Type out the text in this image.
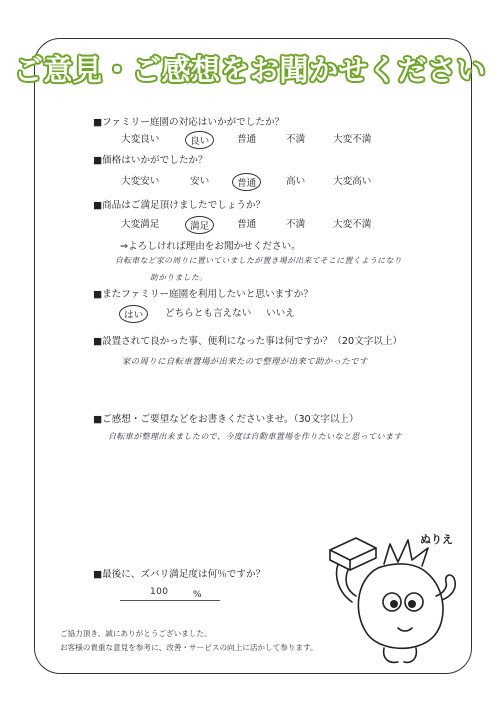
ご意見・ご感想をお聞かせください
■ファミリー庭園の対応はいかがでしたか？
大変良い	良い	普通	不満	大変不満
■価格はいかがでしたか？
大変安い	安い	普通	高い	大変高い
■商品はご満足頂けましたでしょうか？
大変満足	満足	普通	不満	大変不満
⇒よろしければ理由をお聞かせください。
自転車など家の周りに置いていましたが置き場が出来てそこに置くようになり
助かりました。
■またファミリー庭園を利用したいと思いますか？
はい	どちらとも言えない いいえ
■設置されて良かった事、便利になった事は何ですか？（20文字以上）
家の周りに自転車置場が出来たので整理が出来て助かったです
■ご感想・ご要望などをお書きくださいませ。（30文字以上）
自転車が整理出来ましたので、今度は自動車置場を作りたいなと思っています
■最後に、ズバリ満足度は何％ですか？
100	%
ご協力頂き、誠にありがとうございました。
お客様の貴重な意見を参考に、改善・サービスの向上に活かして参ります。
ぬりえ
